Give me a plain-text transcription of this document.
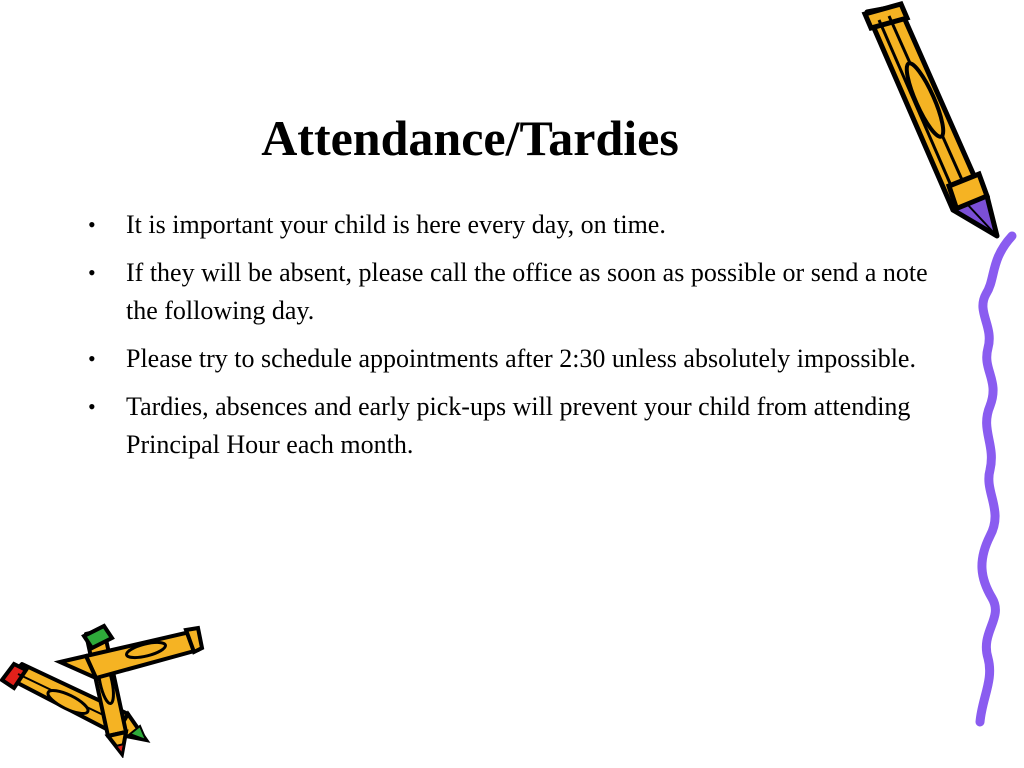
Attendance/Tardies
• It is important your child is here every day, on time.
• If they will be absent, please call the office as soon as possible or send a note the following day.
• Please try to schedule appointments after 2:30 unless absolutely impossible.
• Tardies, absences and early pick-ups will prevent your child from attending Principal Hour each month.
